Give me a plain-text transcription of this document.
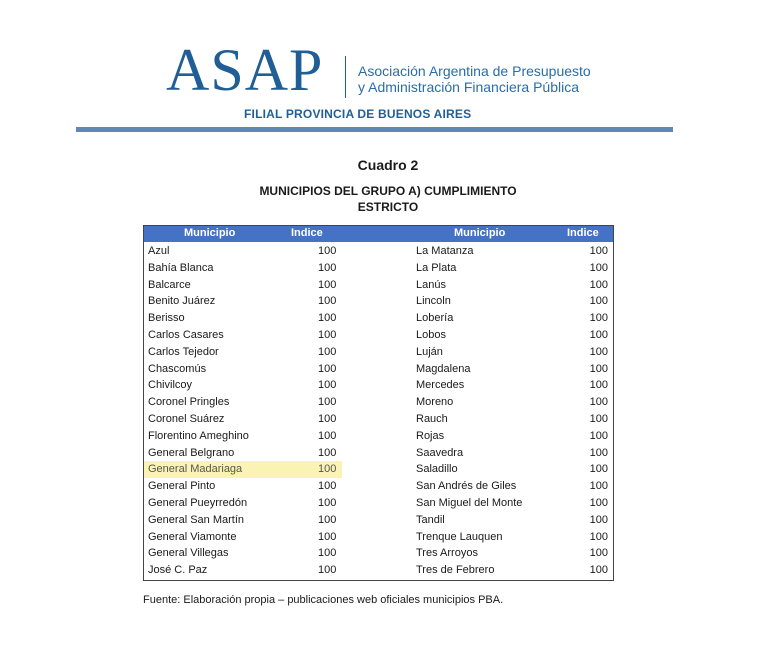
ASAP Asociación Argentina de Presupuesto
y Administración Financiera Pública
FILIAL PROVINCIA DE BUENOS AIRES
Cuadro 2
MUNICIPIOS DEL GRUPO A) CUMPLIMIENTO
ESTRICTO
Municipio	Indice	Municipio	Indice
Azul	100	La Matanza	100
Bahía Blanca	100	La Plata	100
Balcarce	100	Lanús	100
Benito Juárez	100	Lincoln	100
Berisso	100	Lobería	100
Carlos Casares	100	Lobos	100
Carlos Tejedor	100	Luján	100
Chascomús	100	Magdalena	100
Chivilcoy	100	Mercedes	100
Coronel Pringles	100	Moreno	100
Coronel Suárez	100	Rauch	100
Florentino Ameghino	100	Rojas	100
General Belgrano	100	Saavedra	100
General Madariaga	100	Saladillo	100
General Pinto	100	San Andrés de Giles	100
General Pueyrredón	100	San Miguel del Monte	100
General San Martín	100	Tandil	100
General Viamonte	100	Trenque Lauquen	100
General Villegas	100	Tres Arroyos	100
José C. Paz	100	Tres de Febrero	100
Fuente: Elaboración propia – publicaciones web oficiales municipios PBA.
